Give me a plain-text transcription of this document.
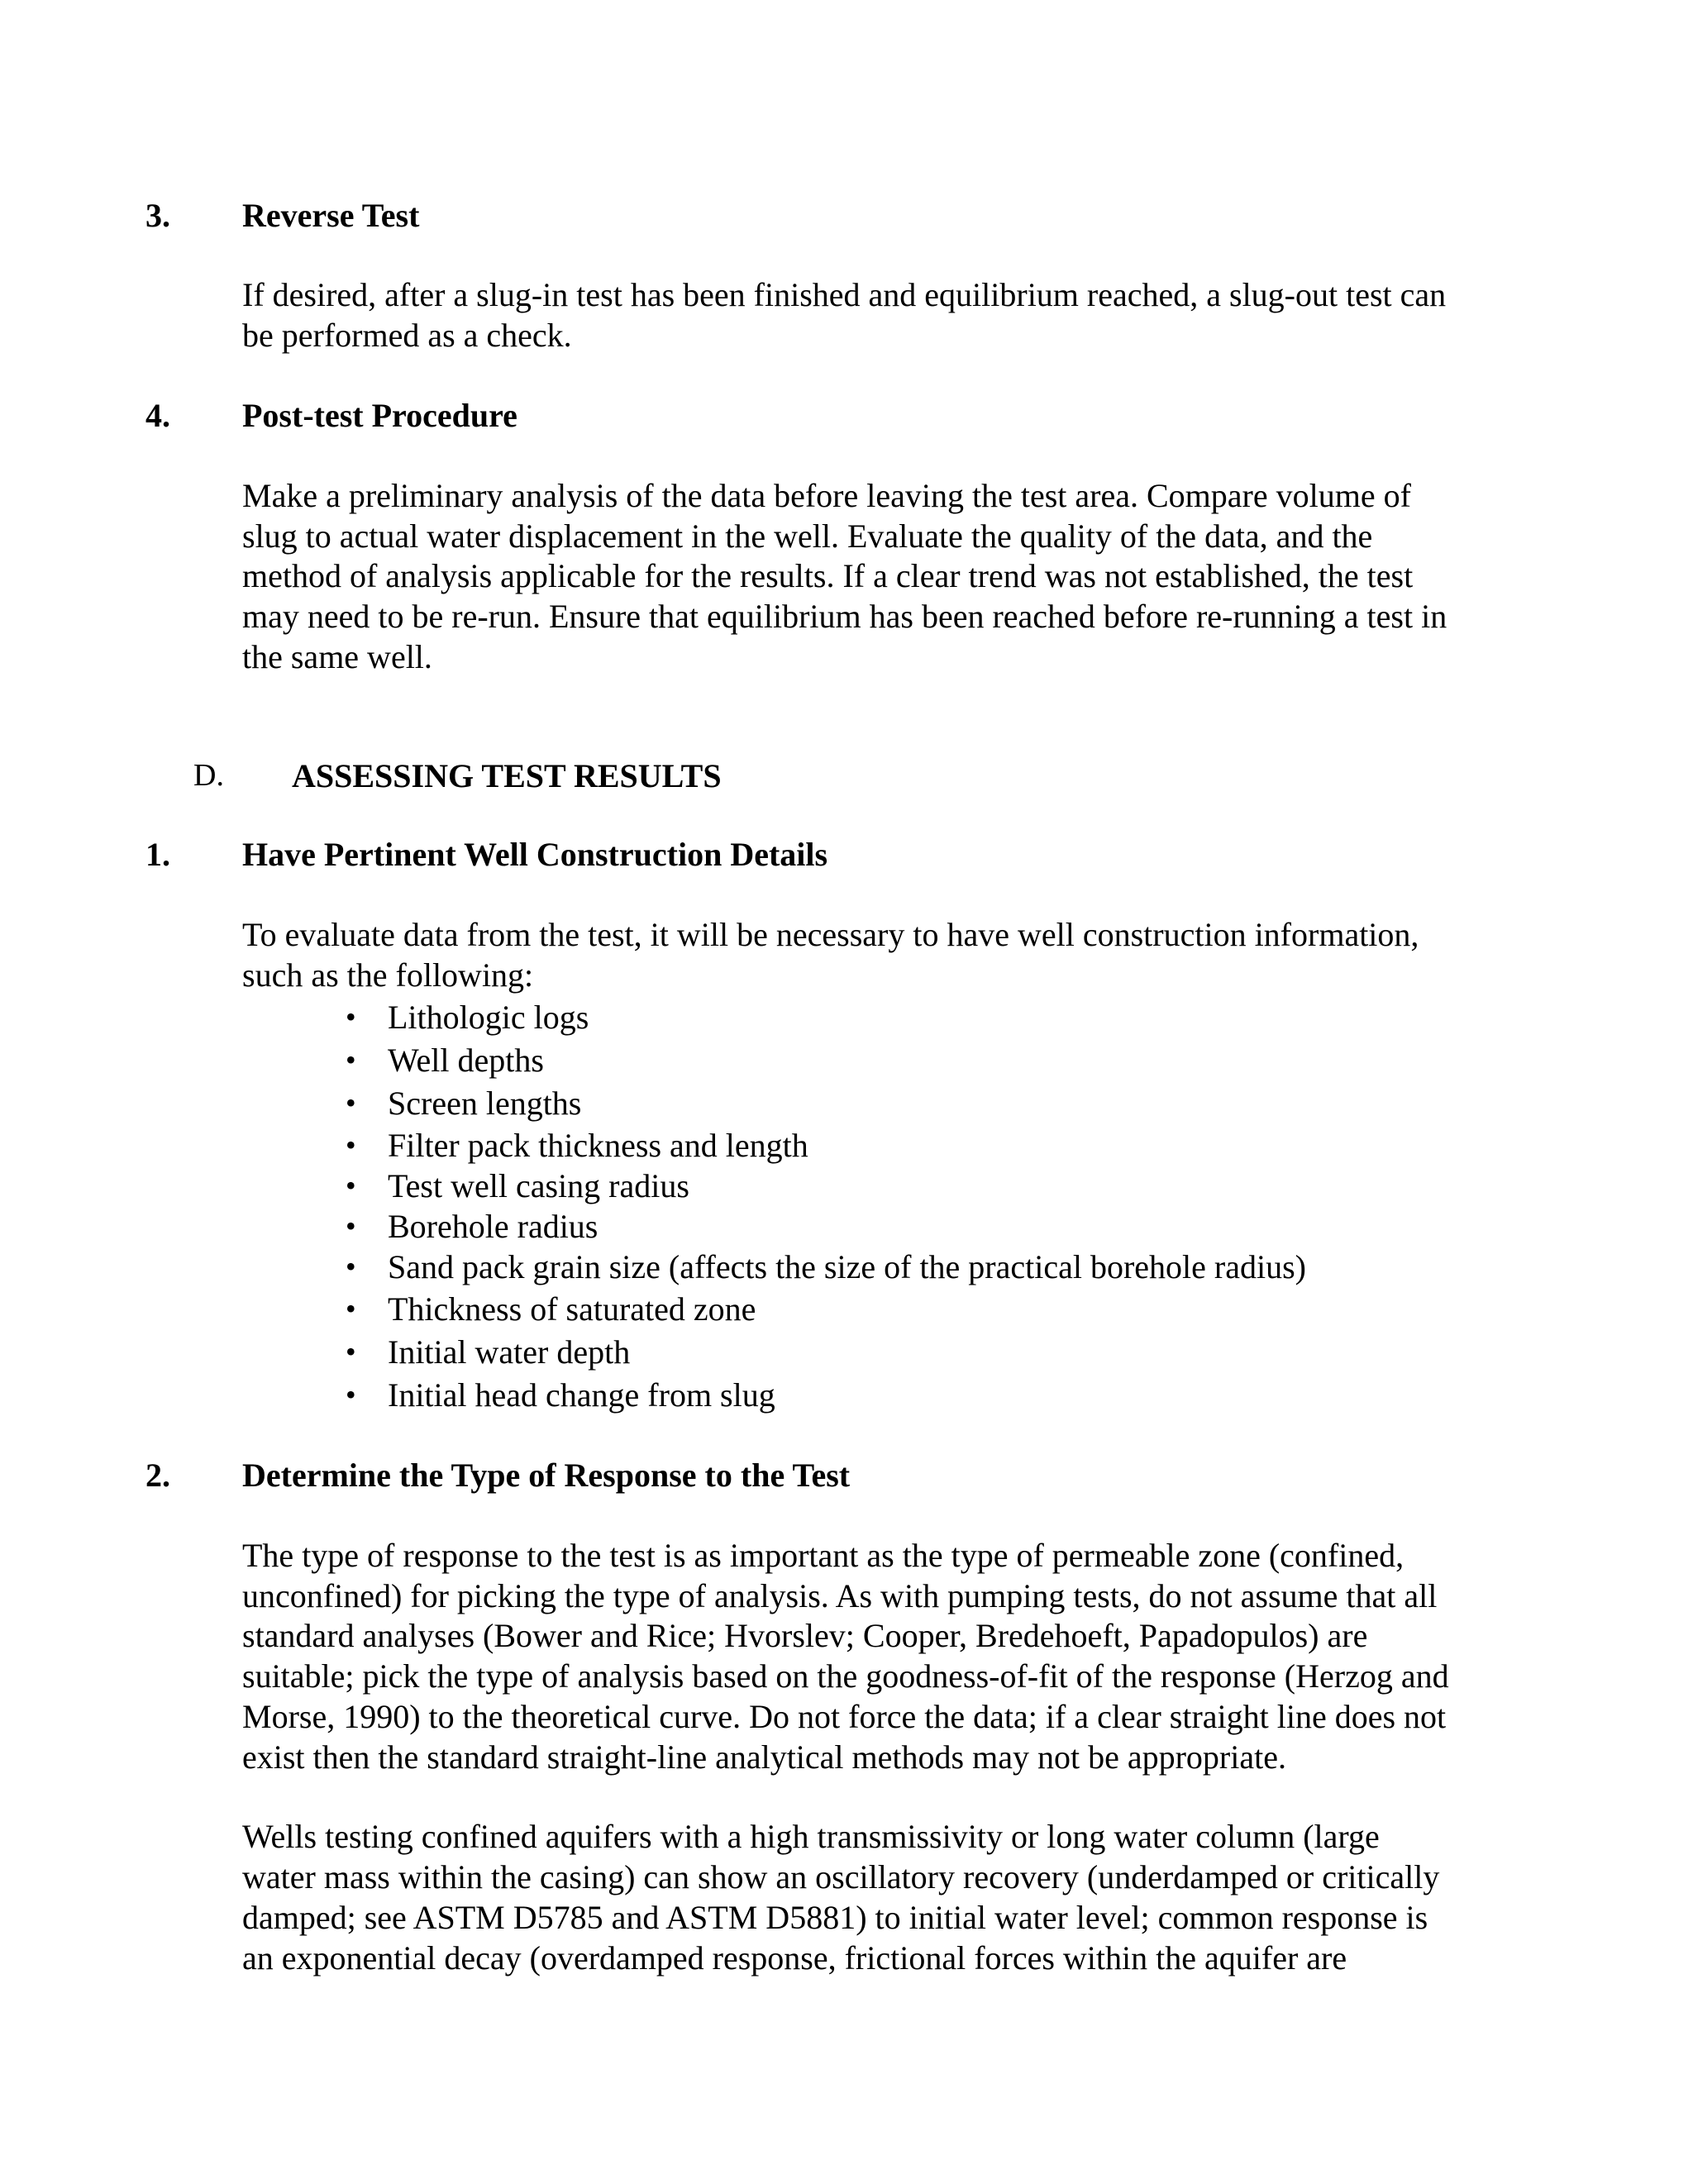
3. Reverse Test
If desired, after a slug-in test has been finished and equilibrium reached, a slug-out test can
be performed as a check.
4. Post-test Procedure
Make a preliminary analysis of the data before leaving the test area. Compare volume of
slug to actual water displacement in the well. Evaluate the quality of the data, and the
method of analysis applicable for the results. If a clear trend was not established, the test
may need to be re-run. Ensure that equilibrium has been reached before re-running a test in
the same well.
D. ASSESSING TEST RESULTS
1. Have Pertinent Well Construction Details
To evaluate data from the test, it will be necessary to have well construction information,
such as the following:
• Lithologic logs
• Well depths
• Screen lengths
• Filter pack thickness and length
• Test well casing radius
• Borehole radius
• Sand pack grain size (affects the size of the practical borehole radius)
• Thickness of saturated zone
• Initial water depth
• Initial head change from slug
2. Determine the Type of Response to the Test
The type of response to the test is as important as the type of permeable zone (confined,
unconfined) for picking the type of analysis. As with pumping tests, do not assume that all
standard analyses (Bower and Rice; Hvorslev; Cooper, Bredehoeft, Papadopulos) are
suitable; pick the type of analysis based on the goodness-of-fit of the response (Herzog and
Morse, 1990) to the theoretical curve. Do not force the data; if a clear straight line does not
exist then the standard straight-line analytical methods may not be appropriate.
Wells testing confined aquifers with a high transmissivity or long water column (large
water mass within the casing) can show an oscillatory recovery (underdamped or critically
damped; see ASTM D5785 and ASTM D5881) to initial water level; common response is
an exponential decay (overdamped response, frictional forces within the aquifer are
